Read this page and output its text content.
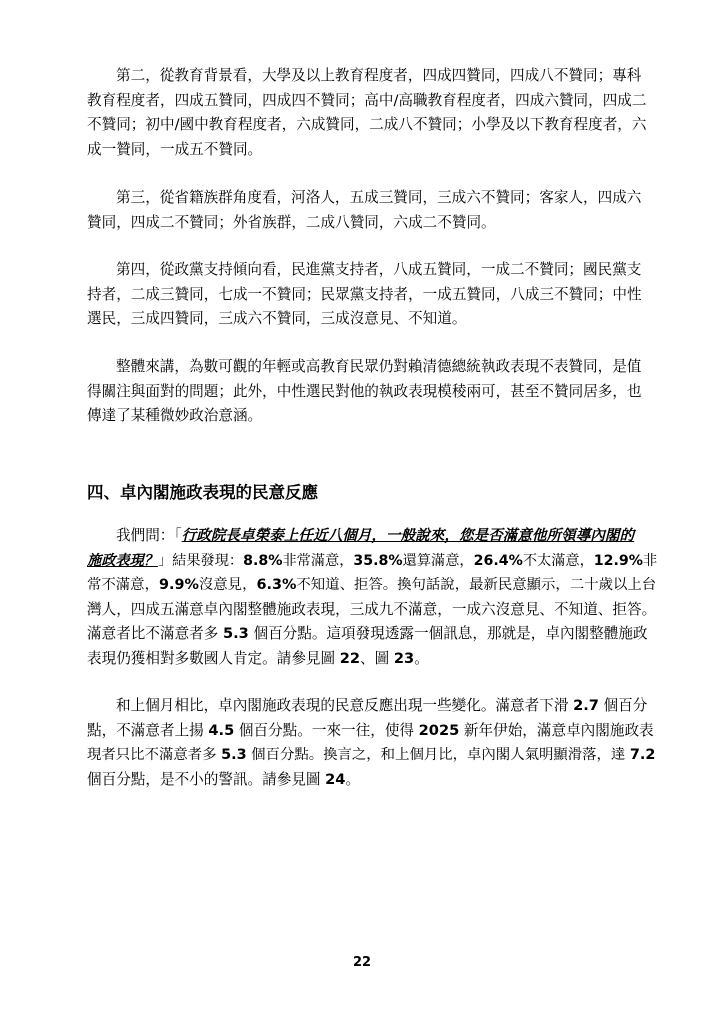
第二，從教育背景看，大學及以上教育程度者，四成四贊同，四成八不贊同；專科
教育程度者，四成五贊同，四成四不贊同；高中/高職教育程度者，四成六贊同，四成二
不贊同；初中/國中教育程度者，六成贊同，二成八不贊同；小學及以下教育程度者，六
成一贊同，一成五不贊同。
第三，從省籍族群角度看，河洛人，五成三贊同，三成六不贊同；客家人，四成六
贊同，四成二不贊同；外省族群，二成八贊同，六成二不贊同。
第四，從政黨支持傾向看，民進黨支持者，八成五贊同，一成二不贊同；國民黨支
持者，二成三贊同，七成一不贊同；民眾黨支持者，一成五贊同，八成三不贊同；中性
選民，三成四贊同，三成六不贊同，三成沒意見、不知道。
整體來講，為數可觀的年輕或高教育民眾仍對賴清德總統執政表現不表贊同，是值
得關注與面對的問題；此外，中性選民對他的執政表現模稜兩可，甚至不贊同居多，也
傳達了某種微妙政治意涵。
四、卓內閣施政表現的民意反應
我們問：「行政院長卓榮泰上任近八個月，一般說來，您是否滿意他所領導內閣的
施政表現？」結果發現：8.8%非常滿意，35.8%還算滿意，26.4%不太滿意，12.9%非
常不滿意，9.9%沒意見，6.3%不知道、拒答。換句話說，最新民意顯示，二十歲以上台
灣人，四成五滿意卓內閣整體施政表現，三成九不滿意，一成六沒意見、不知道、拒答。
滿意者比不滿意者多 5.3 個百分點。這項發現透露一個訊息，那就是，卓內閣整體施政
表現仍獲相對多數國人肯定。請參見圖 22、圖 23。
和上個月相比，卓內閣施政表現的民意反應出現一些變化。滿意者下滑 2.7 個百分
點，不滿意者上揚 4.5 個百分點。一來一往，使得 2025 新年伊始，滿意卓內閣施政表
現者只比不滿意者多 5.3 個百分點。換言之，和上個月比，卓內閣人氣明顯滑落，達 7.2
個百分點，是不小的警訊。請參見圖 24。
22
